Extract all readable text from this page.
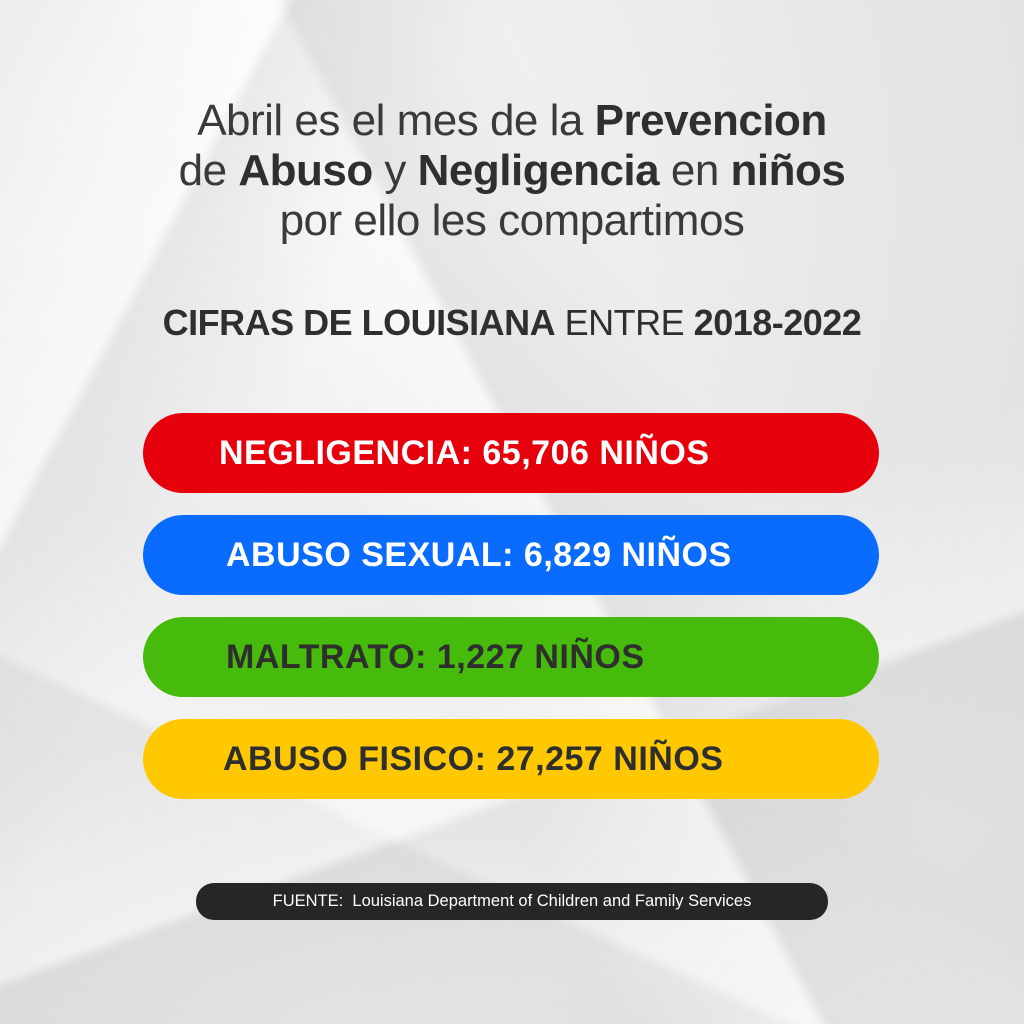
Abril es el mes de la Prevencion
de Abuso y Negligencia en niños
por ello les compartimos
CIFRAS DE LOUISIANA ENTRE 2018-2022
NEGLIGENCIA: 65,706 NIÑOS
ABUSO SEXUAL: 6,829 NIÑOS
MALTRATO: 1,227 NIÑOS
ABUSO FISICO: 27,257 NIÑOS
FUENTE:  Louisiana Department of Children and Family Services
